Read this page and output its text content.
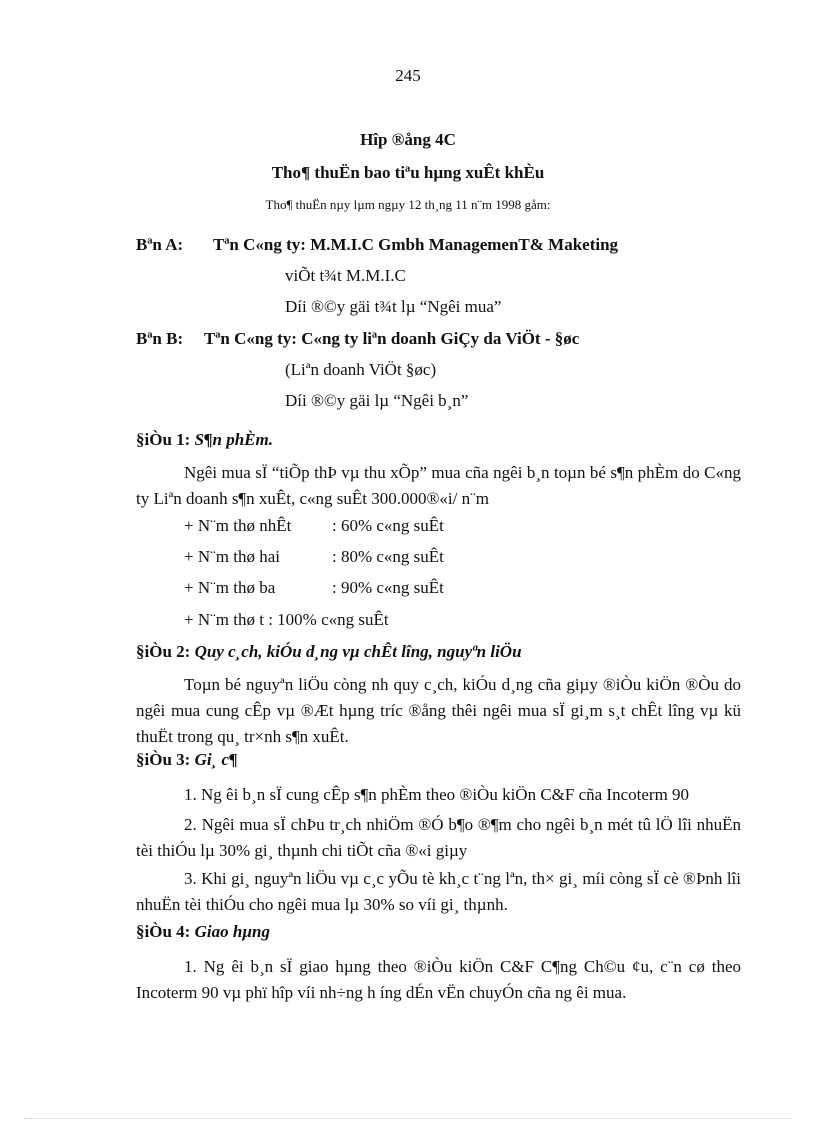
245
Hîp ®ång 4C
Tho¶ thuËn bao tiªu hµng xuÊt khÈu
Tho¶ thuËn nµy lµm ngµy 12 th¸ng 11 n¨m 1998 gåm:
Bªn A: Tªn C«ng ty: M.M.I.C Gmbh ManagemenT& Maketing
viÕt t¾t M.M.I.C
Díi ®©y gäi t¾t lµ “Ngêi mua”
Bªn B: Tªn C«ng ty: C«ng ty liªn doanh GiÇy da ViÖt - §øc
(Liªn doanh ViÖt §øc)
Díi ®©y gäi lµ “Ngêi b¸n”
§iÒu 1: S¶n phÈm.
Ngêi mua sÏ “tiÕp thÞ vµ thu xÕp” mua cña ngêi b¸n toµn bé s¶n phÈm do C«ng ty Liªn doanh s¶n xuÊt, c«ng suÊt 300.000®«i/ n¨m
+ N¨m thø nhÊt : 60% c«ng suÊt
+ N¨m thø hai	: 80% c«ng suÊt
+ N¨m thø ba	: 90% c«ng suÊt
+ N¨m thø t : 100% c«ng suÊt
§iÒu 2: Quy c¸ch, kiÓu d¸ng vµ chÊt lîng, nguyªn liÖu
Toµn bé nguyªn liÖu còng nh quy c¸ch, kiÓu d¸ng cña giµy ®iÒu kiÖn ®Òu do ngêi mua cung cÊp vµ ®Æt hµng tríc ®ång thêi ngêi mua sÏ gi¸m s¸t chÊt lîng vµ kü thuËt trong qu¸ tr×nh s¶n xuÊt.
§iÒu 3: Gi¸ c¶
1. Ng êi b¸n sÏ cung cÊp s¶n phÈm theo ®iÒu kiÖn C&F cña Incoterm 90
2. Ngêi mua sÏ chÞu tr¸ch nhiÖm ®Ó b¶o ®¶m cho ngêi b¸n mét tû lÖ lîi nhuËn tèi thiÓu lµ 30% gi¸ thµnh chi tiÕt cña ®«i giµy
3. Khi gi¸ nguyªn liÖu vµ c¸c yÕu tè kh¸c t¨ng lªn, th× gi¸ míi còng sÏ cè ®Þnh lîi nhuËn tèi thiÓu cho ngêi mua lµ 30% so víi gi¸ thµnh.
§iÒu 4: Giao hµng
1. Ng êi b¸n sÏ giao hµng theo ®iÒu kiÖn C&F C¶ng Ch©u ¢u, c¨n cø theo Incoterm 90 vµ phï hîp víi nh÷ng h íng dÉn vËn chuyÓn cña ng êi mua.
